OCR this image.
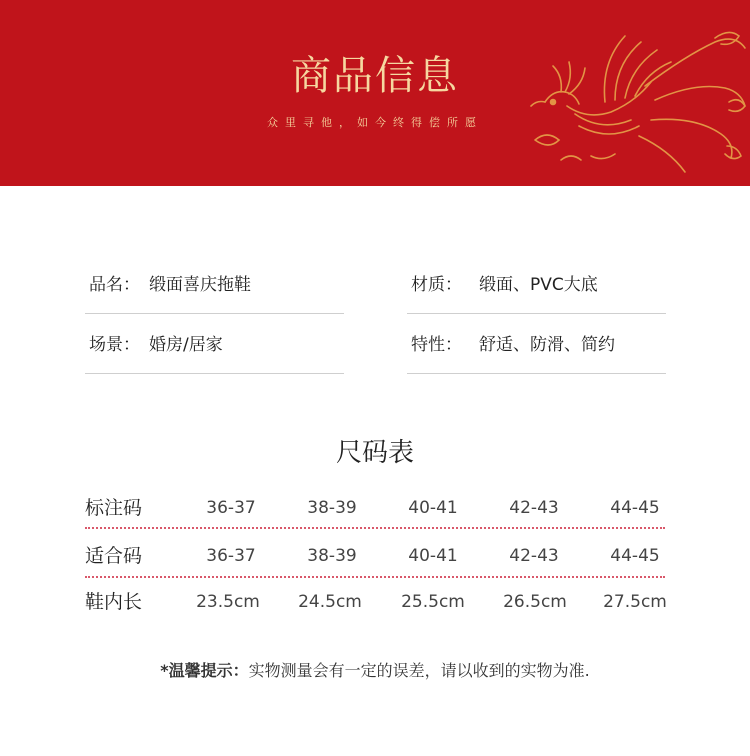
商品信息
众里寻他，如今终得偿所愿
品名： 缎面喜庆拖鞋	材质： 缎面、PVC大底
场景： 婚房/居家	特性： 舒适、防滑、简约
尺码表
标注码	36-37	38-39	40-41	42-43	44-45
适合码	36-37	38-39	40-41	42-43	44-45
鞋内长	23.5cm	24.5cm	25.5cm	26.5cm	27.5cm
*温馨提示：实物测量会有一定的误差，请以收到的实物为准.
